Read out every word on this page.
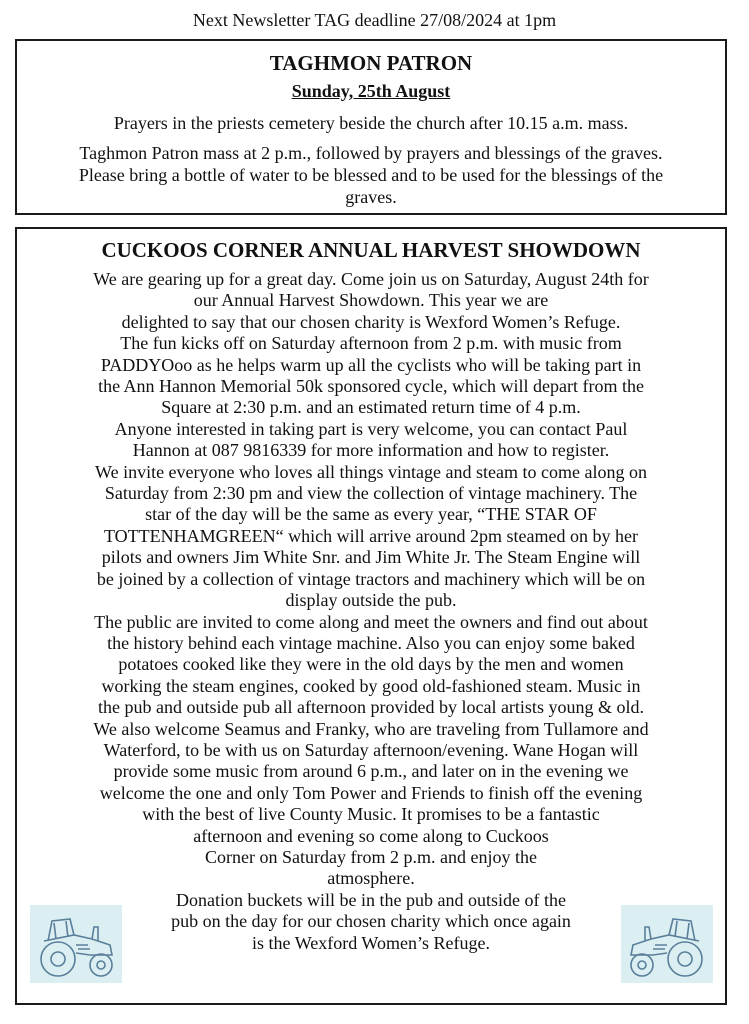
Next Newsletter TAG deadline 27/08/2024 at 1pm
TAGHMON PATRON
Sunday, 25th August
Prayers in the priests cemetery beside the church after 10.15 a.m. mass.
Taghmon Patron mass at 2 p.m., followed by prayers and blessings of the graves.
Please bring a bottle of water to be blessed and to be used for the blessings of the
graves.
CUCKOOS CORNER ANNUAL HARVEST SHOWDOWN
We are gearing up for a great day. Come join us on Saturday, August 24th for
our Annual Harvest Showdown. This year we are
delighted to say that our chosen charity is Wexford Women’s Refuge.
The fun kicks off on Saturday afternoon from 2 p.m. with music from
PADDYOoo as he helps warm up all the cyclists who will be taking part in
the Ann Hannon Memorial 50k sponsored cycle, which will depart from the
Square at 2:30 p.m. and an estimated return time of 4 p.m.
Anyone interested in taking part is very welcome, you can contact Paul
Hannon at 087 9816339 for more information and how to register.
We invite everyone who loves all things vintage and steam to come along on
Saturday from 2:30 pm and view the collection of vintage machinery. The
star of the day will be the same as every year, “THE STAR OF
TOTTENHAMGREEN“ which will arrive around 2pm steamed on by her
pilots and owners Jim White Snr. and Jim White Jr. The Steam Engine will
be joined by a collection of vintage tractors and machinery which will be on
display outside the pub.
The public are invited to come along and meet the owners and find out about
the history behind each vintage machine. Also you can enjoy some baked
potatoes cooked like they were in the old days by the men and women
working the steam engines, cooked by good old-fashioned steam. Music in
the pub and outside pub all afternoon provided by local artists young & old.
We also welcome Seamus and Franky, who are traveling from Tullamore and
Waterford, to be with us on Saturday afternoon/evening. Wane Hogan will
provide some music from around 6 p.m., and later on in the evening we
welcome the one and only Tom Power and Friends to finish off the evening
with the best of live County Music. It promises to be a fantastic
afternoon and evening so come along to Cuckoos
Corner on Saturday from 2 p.m. and enjoy the
atmosphere.
Donation buckets will be in the pub and outside of the
pub on the day for our chosen charity which once again
is the Wexford Women’s Refuge.
